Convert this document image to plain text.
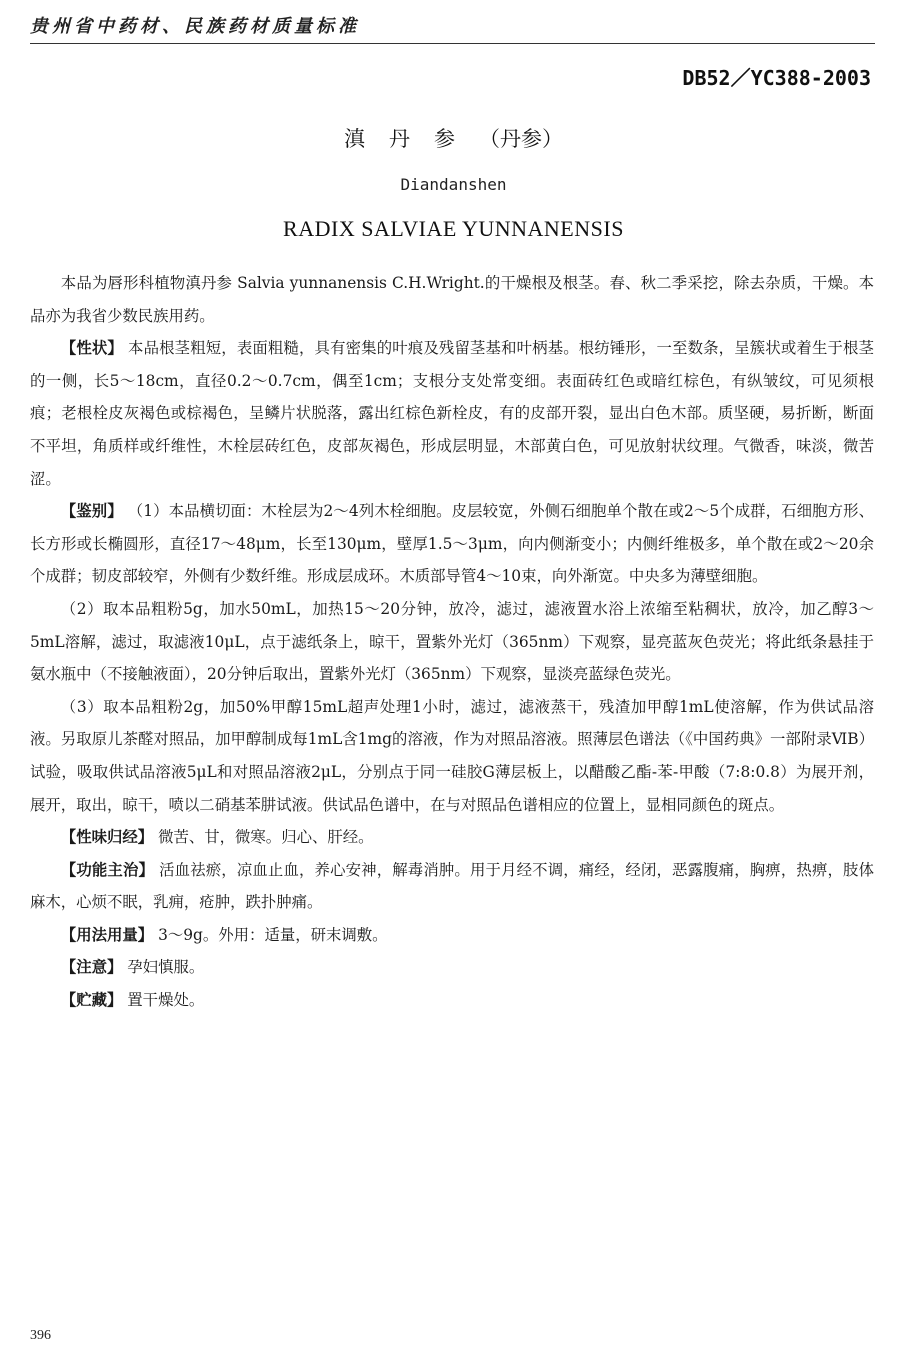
贵州省中药材、民族药材质量标准
DB52／YC388-2003
滇丹参（丹参）
Diandanshen
RADIX SALVIAE YUNNANENSIS

本品为唇形科植物滇丹参 Salvia yunnanensis C.H.Wright.的干燥根及根茎。春、秋二季采挖，除去杂质，干燥。本品亦为我省少数民族用药。

【性状】 本品根茎粗短，表面粗糙，具有密集的叶痕及残留茎基和叶柄基。根纺锤形，一至数条，呈簇状或着生于根茎的一侧，长5～18cm，直径0.2～0.7cm，偶至1cm；支根分支处常变细。表面砖红色或暗红棕色，有纵皱纹，可见须根痕；老根栓皮灰褐色或棕褐色，呈鳞片状脱落，露出红棕色新栓皮，有的皮部开裂，显出白色木部。质坚硬，易折断，断面不平坦，角质样或纤维性，木栓层砖红色，皮部灰褐色，形成层明显，木部黄白色，可见放射状纹理。气微香，味淡，微苦涩。

【鉴别】 （1）本品横切面：木栓层为2～4列木栓细胞。皮层较宽，外侧石细胞单个散在或2～5个成群，石细胞方形、长方形或长椭圆形，直径17～48μm，长至130μm，壁厚1.5～3μm，向内侧渐变小；内侧纤维极多，单个散在或2～20余个成群；韧皮部较窄，外侧有少数纤维。形成层成环。木质部导管4～10束，向外渐宽。中央多为薄壁细胞。

（2）取本品粗粉5g，加水50mL，加热15～20分钟，放冷，滤过，滤液置水浴上浓缩至粘稠状，放冷，加乙醇3～5mL溶解，滤过，取滤液10μL，点于滤纸条上，晾干，置紫外光灯（365nm）下观察，显亮蓝灰色荧光；将此纸条悬挂于氨水瓶中（不接触液面），20分钟后取出，置紫外光灯（365nm）下观察，显淡亮蓝绿色荧光。

（3）取本品粗粉2g，加50%甲醇15mL超声处理1小时，滤过，滤液蒸干，残渣加甲醇1mL使溶解，作为供试品溶液。另取原儿茶醛对照品，加甲醇制成每1mL含1mg的溶液，作为对照品溶液。照薄层色谱法（《中国药典》一部附录ⅥB）试验，吸取供试品溶液5μL和对照品溶液2μL，分别点于同一硅胶G薄层板上，以醋酸乙酯-苯-甲酸（7:8:0.8）为展开剂，展开，取出，晾干，喷以二硝基苯肼试液。供试品色谱中，在与对照品色谱相应的位置上，显相同颜色的斑点。

【性味归经】 微苦、甘，微寒。归心、肝经。

【功能主治】 活血祛瘀，凉血止血，养心安神，解毒消肿。用于月经不调，痛经，经闭，恶露腹痛，胸痹，热痹，肢体麻木，心烦不眠，乳痈，疮肿，跌扑肿痛。

【用法用量】 3～9g。外用：适量，研末调敷。

【注意】 孕妇慎服。

【贮藏】 置干燥处。

396
